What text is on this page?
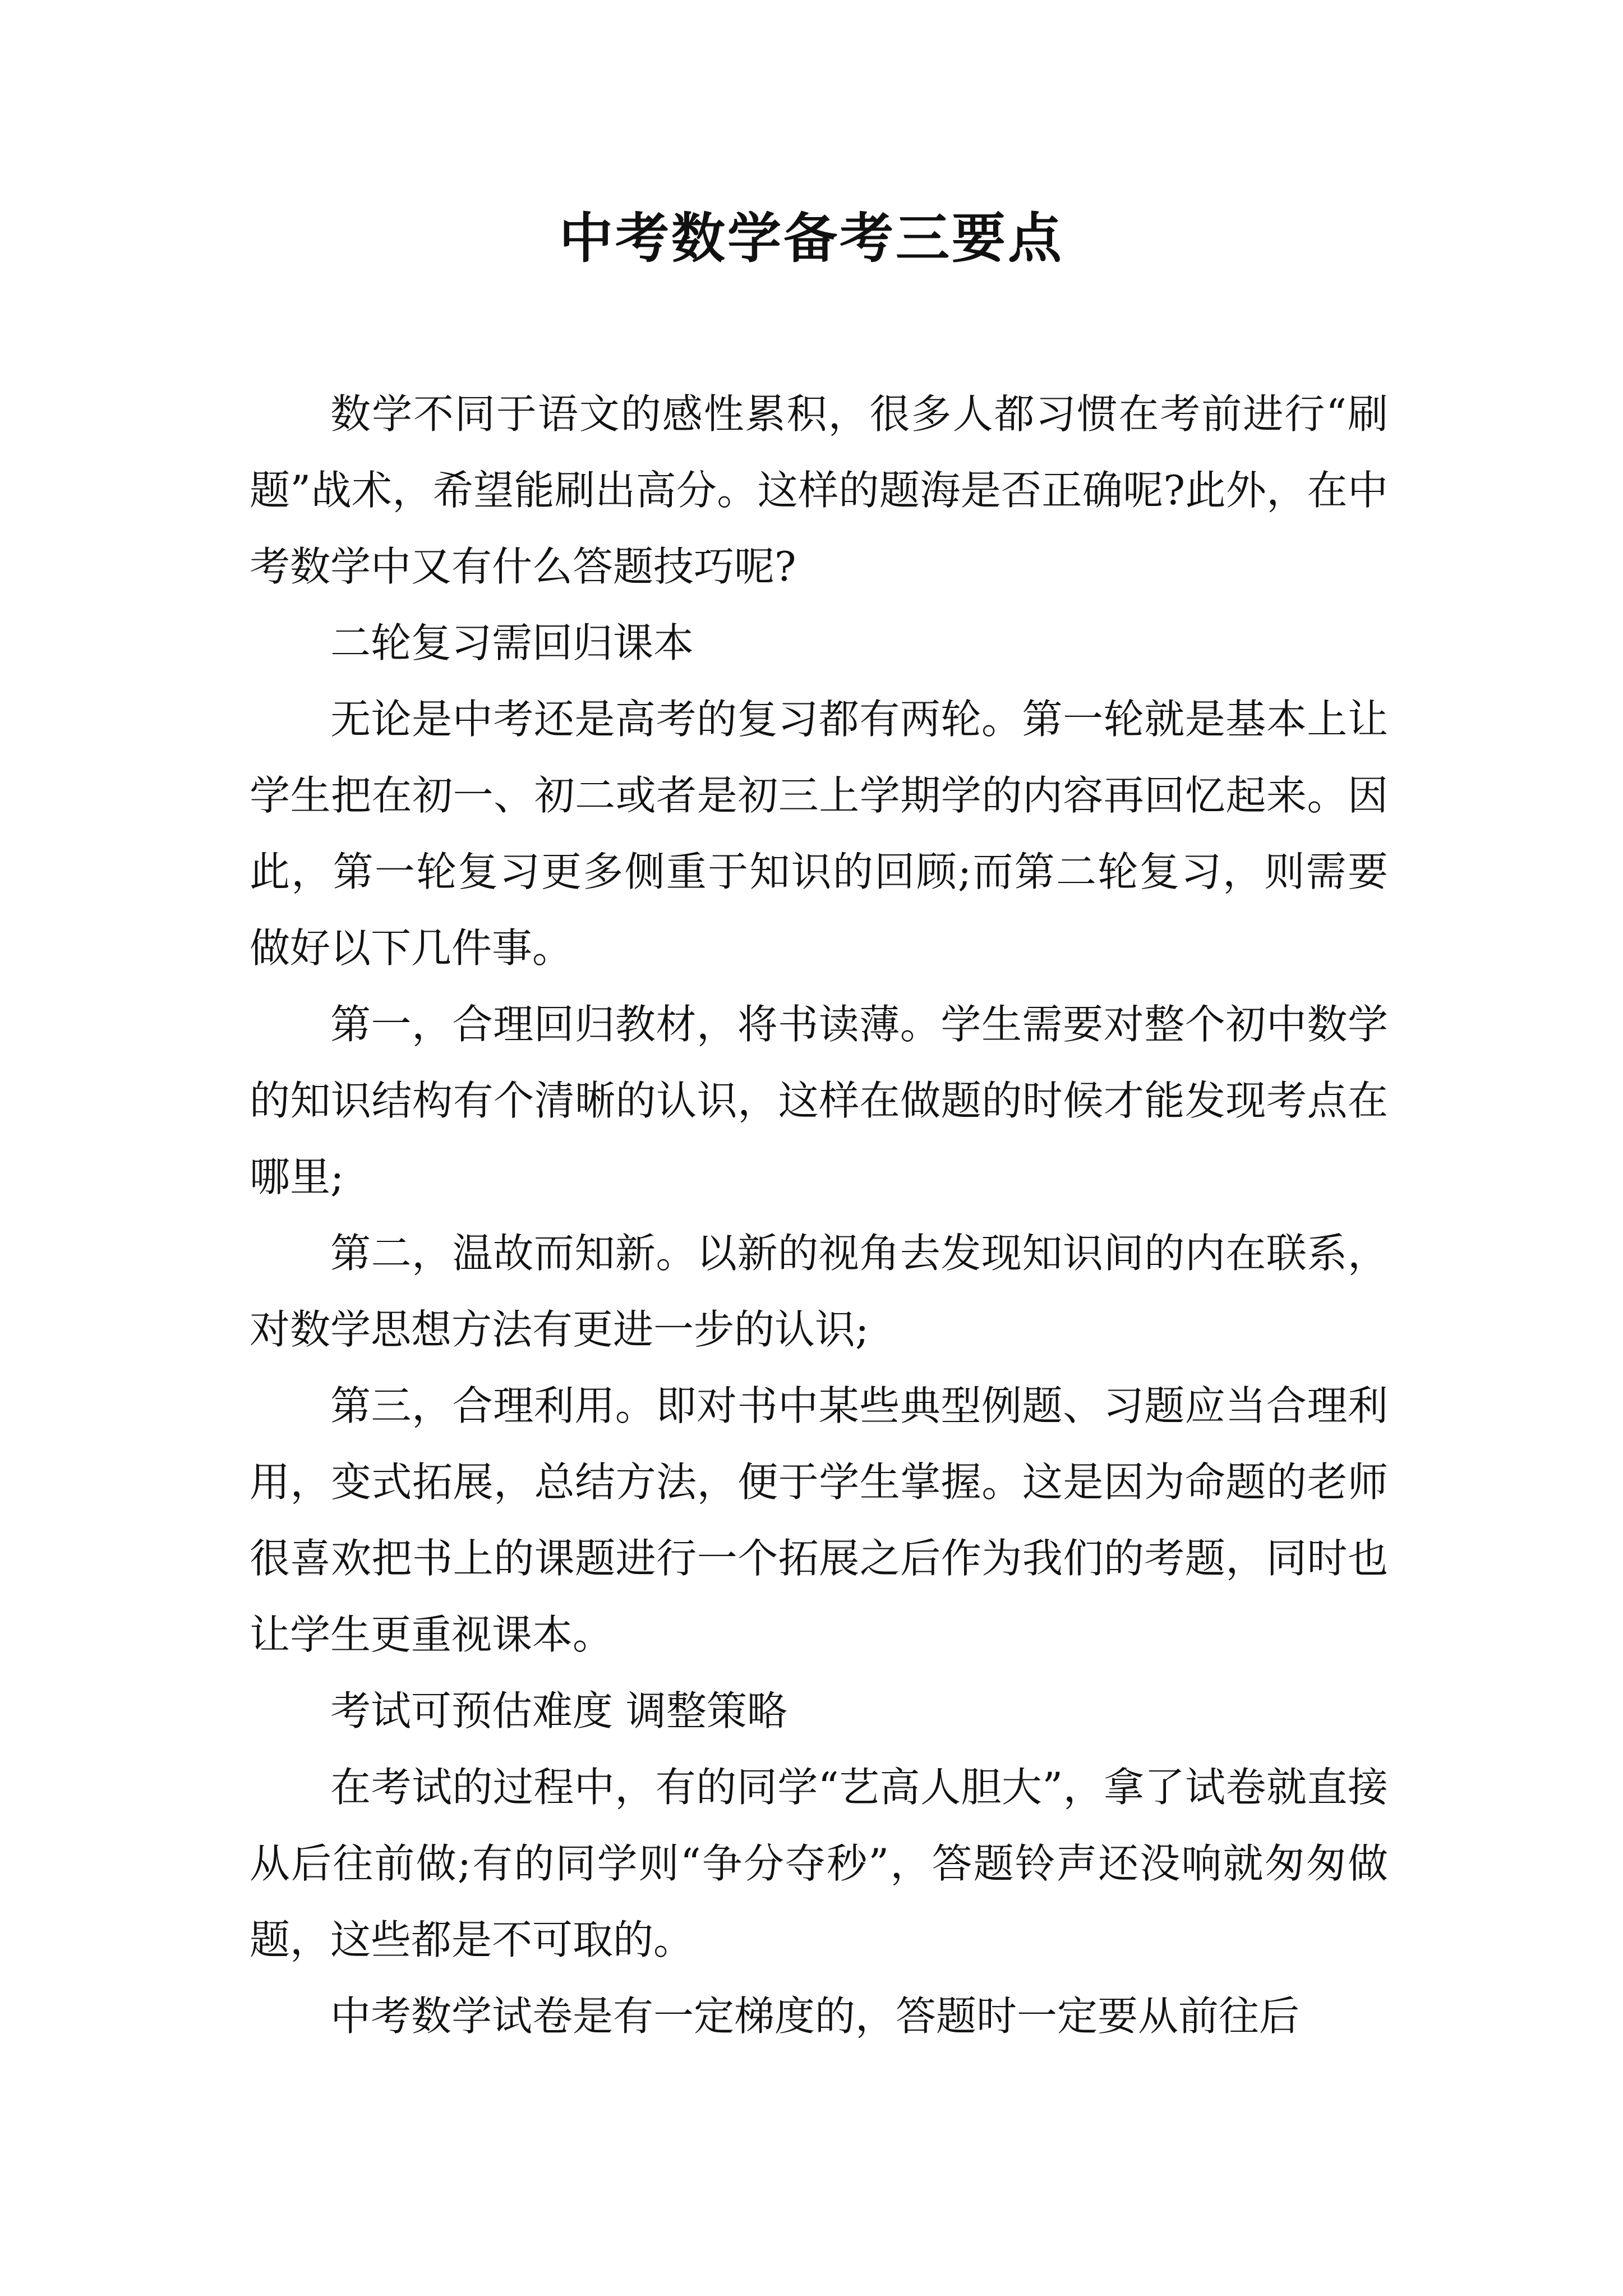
中考数学备考三要点

数学不同于语文的感性累积，很多人都习惯在考前进行“刷题”战术，希望能刷出高分。这样的题海是否正确呢?此外，在中考数学中又有什么答题技巧呢?

二轮复习需回归课本

无论是中考还是高考的复习都有两轮。第一轮就是基本上让学生把在初一、初二或者是初三上学期学的内容再回忆起来。因此，第一轮复习更多侧重于知识的回顾;而第二轮复习，则需要做好以下几件事。

第一，合理回归教材，将书读薄。学生需要对整个初中数学的知识结构有个清晰的认识，这样在做题的时候才能发现考点在哪里;

第二，温故而知新。以新的视角去发现知识间的内在联系，对数学思想方法有更进一步的认识;

第三，合理利用。即对书中某些典型例题、习题应当合理利用，变式拓展，总结方法，便于学生掌握。这是因为命题的老师很喜欢把书上的课题进行一个拓展之后作为我们的考题，同时也让学生更重视课本。

考试可预估难度 调整策略

在考试的过程中，有的同学“艺高人胆大”，拿了试卷就直接从后往前做;有的同学则“争分夺秒”，答题铃声还没响就匆匆做题，这些都是不可取的。

中考数学试卷是有一定梯度的，答题时一定要从前往后
